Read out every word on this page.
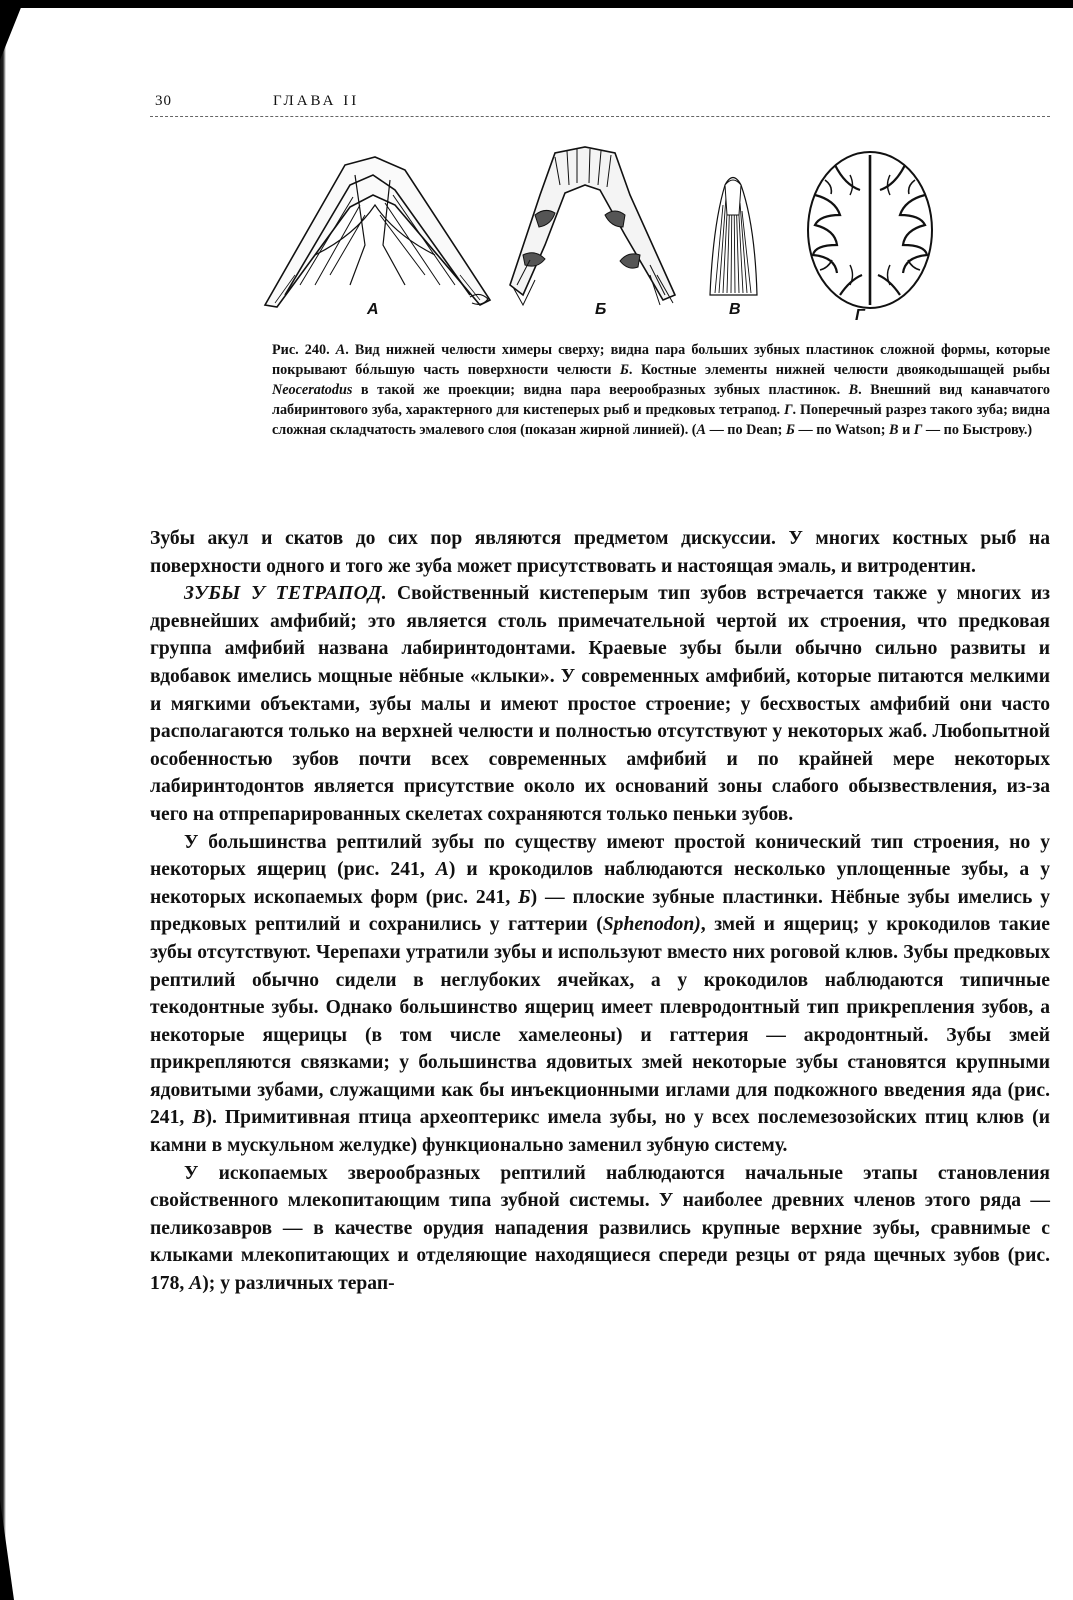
30	ГЛАВА II
А	Б	В	Г
Рис. 240. А. Вид нижней челюсти химеры сверху; видна пара больших зубных пластинок сложной формы, которые покрывают бóльшую часть поверхности челюсти Б. Костные элементы нижней челюсти двоякодышащей рыбы Neoceratodus в такой же проекции; видна пара веерообразных зубных пластинок. В. Внешний вид канавчатого лабиринтового зуба, характерного для кистеперых рыб и предковых тетрапод. Г. Поперечный разрез такого зуба; видна сложная складчатость эмалевого слоя (показан жирной линией). (А — по Dean; Б — по Watson; В и Г — по Быстрову.)

Зубы акул и скатов до сих пор являются предметом дискуссии. У многих костных рыб на поверхности одного и того же зуба может присутствовать и настоящая эмаль, и витродентин.

ЗУБЫ У ТЕТРАПОД. Свойственный кистеперым тип зубов встречается также у многих из древнейших амфибий; это является столь примечательной чертой их строения, что предковая группа амфибий названа лабиринтодонтами. Краевые зубы были обычно сильно развиты и вдобавок имелись мощные нёбные «клыки». У современных амфибий, которые питаются мелкими и мягкими объектами, зубы малы и имеют простое строение; у бесхвостых амфибий они часто располагаются только на верхней челюсти и полностью отсутствуют у некоторых жаб. Любопытной особенностью зубов почти всех современных амфибий и по крайней мере некоторых лабиринтодонтов является присутствие около их оснований зоны слабого обызвествления, из-за чего на отпрепарированных скелетах сохраняются только пеньки зубов.

У большинства рептилий зубы по существу имеют простой конический тип строения, но у некоторых ящериц (рис. 241, А) и крокодилов наблюдаются несколько уплощенные зубы, а у некоторых ископаемых форм (рис. 241, Б) — плоские зубные пластинки. Нёбные зубы имелись у предковых рептилий и сохранились у гаттерии (Sphenodon), змей и ящериц; у крокодилов такие зубы отсутствуют. Черепахи утратили зубы и используют вместо них роговой клюв. Зубы предковых рептилий обычно сидели в неглубоких ячейках, а у крокодилов наблюдаются типичные текодонтные зубы. Однако большинство ящериц имеет плевродонтный тип прикрепления зубов, а некоторые ящерицы (в том числе хамелеоны) и гаттерия — акродонтный. Зубы змей прикрепляются связками; у большинства ядовитых змей некоторые зубы становятся крупными ядовитыми зубами, служащими как бы инъекционными иглами для подкожного введения яда (рис. 241, В). Примитивная птица археоптерикс имела зубы, но у всех послемезозойских птиц клюв (и камни в мускульном желудке) функционально заменил зубную систему.

У ископаемых зверообразных рептилий наблюдаются начальные этапы становления свойственного млекопитающим типа зубной системы. У наиболее древних членов этого ряда — пеликозавров — в качестве орудия нападения развились крупные верхние зубы, сравнимые с клыками млекопитающих и отделяющие находящиеся спереди резцы от ряда щечных зубов (рис. 178, А); у различных терап-
